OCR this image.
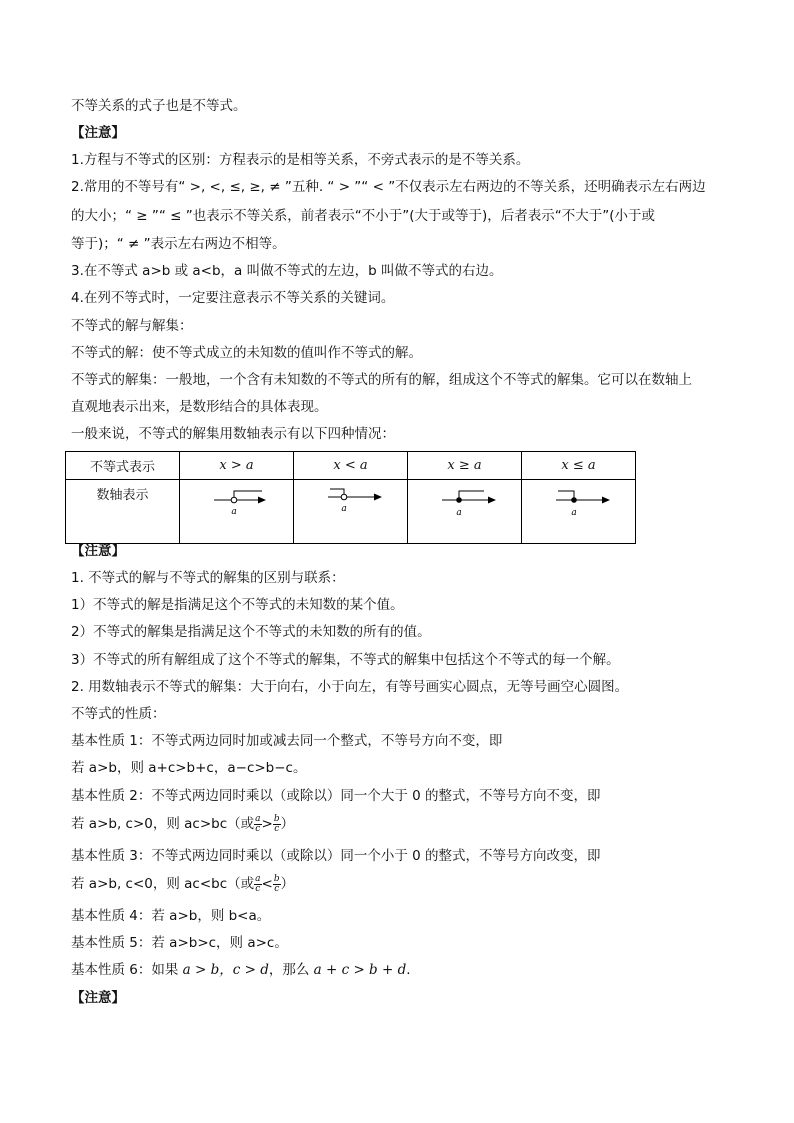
不等关系的式子也是不等式。
【注意】
1.方程与不等式的区别：方程表示的是相等关系，不旁式表示的是不等关系。
2.常用的不等号有“ >, <, ≤, ≥, ≠ ”五种. “ > ”“ < ”不仅表示左右两边的不等关系，还明确表示左右两边
的大小；“ ≥ ”“ ≤ ”也表示不等关系，前者表示“不小于”(大于或等于)，后者表示“不大于”(小于或
等于)；“ ≠ ”表示左右两边不相等。
3.在不等式 a>b 或 a<b，a 叫做不等式的左边，b 叫做不等式的右边。
4.在列不等式时，一定要注意表示不等关系的关键词。
不等式的解与解集：
不等式的解：使不等式成立的未知数的值叫作不等式的解。
不等式的解集：一般地，一个含有未知数的不等式的所有的解，组成这个不等式的解集。它可以在数轴上
直观地表示出来，是数形结合的具体表现。
一般来说，不等式的解集用数轴表示有以下四种情况：
不等式表示	x > a	x < a	x ≥ a	x ≤ a

数轴表示	a	a	a	a
【注意】
1. 不等式的解与不等式的解集的区别与联系：
1）不等式的解是指满足这个不等式的未知数的某个值。
2）不等式的解集是指满足这个不等式的未知数的所有的值。
3）不等式的所有解组成了这个不等式的解集，不等式的解集中包括这个不等式的每一个解。
2. 用数轴表示不等式的解集：大于向右，小于向左，有等号画实心圆点，无等号画空心圆图。
不等式的性质：
基本性质 1：不等式两边同时加或减去同一个整式，不等号方向不变，即
若 a>b，则 a+c>b+c，a−c>b−c。
基本性质 2：不等式两边同时乘以（或除以）同一个大于 0 的整式，不等号方向不变，即
若 a>b, c>0，则 ac>bc（或 $\frac{a}{c} > \frac{b}{c}$ ）
基本性质 3：不等式两边同时乘以（或除以）同一个小于 0 的整式，不等号方向改变，即
若 a>b, c<0，则 ac<bc（或 $\frac{a}{c} < \frac{b}{c}$ ）
基本性质 4：若 a>b，则 b<a。
基本性质 5：若 a>b>c，则 a>c。
基本性质 6：如果 a > b，c > d，那么 a + c > b + d.
【注意】
